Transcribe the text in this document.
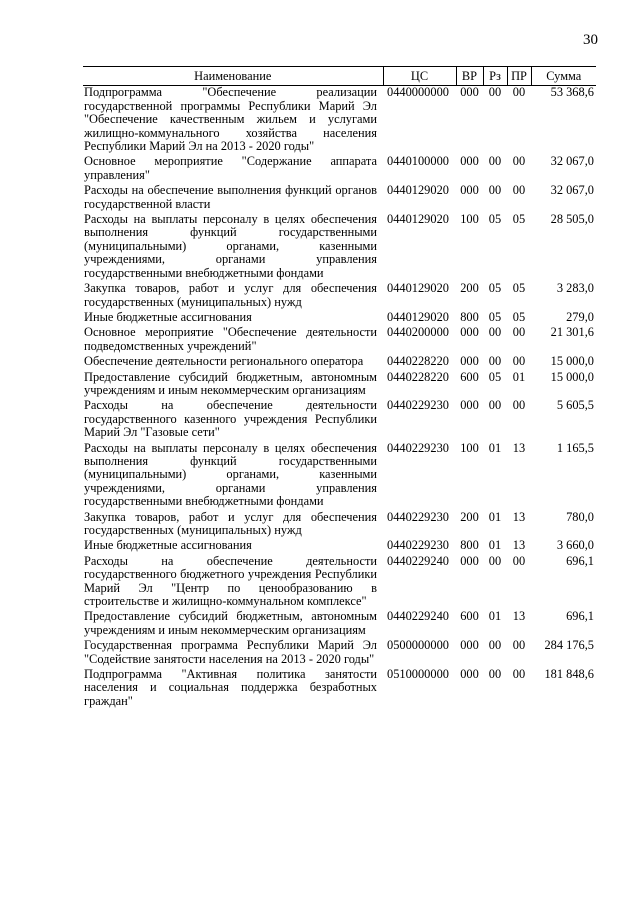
30
Наименование	ЦС	ВР	Рз	ПР	Сумма
Подпрограмма "Обеспечение реализации государственной программы Республики Марий Эл "Обеспечение качественным жильем и услугами жилищно-коммунального хозяйства населения Республики Марий Эл на 2013 - 2020 годы"	0440000000	000	00	00	53 368,6
Основное мероприятие "Содержание аппарата управления"	0440100000	000	00	00	32 067,0
Расходы на обеспечение выполнения функций органов государственной власти	0440129020	000	00	00	32 067,0
Расходы на выплаты персоналу в целях обеспечения выполнения функций государственными (муниципальными) органами, казенными учреждениями, органами управления государственными внебюджетными фондами	0440129020	100	05	05	28 505,0
Закупка товаров, работ и услуг для обеспечения государственных (муниципальных) нужд	0440129020	200	05	05	3 283,0
Иные бюджетные ассигнования	0440129020	800	05	05	279,0
Основное мероприятие "Обеспечение деятельности подведомственных учреждений"	0440200000	000	00	00	21 301,6
Обеспечение деятельности регионального оператора	0440228220	000	00	00	15 000,0
Предоставление субсидий бюджетным, автономным учреждениям и иным некоммерческим организациям	0440228220	600	05	01	15 000,0
Расходы на обеспечение деятельности государственного казенного учреждения Республики Марий Эл "Газовые сети"	0440229230	000	00	00	5 605,5
Расходы на выплаты персоналу в целях обеспечения выполнения функций государственными (муниципальными) органами, казенными учреждениями, органами управления государственными внебюджетными фондами	0440229230	100	01	13	1 165,5
Закупка товаров, работ и услуг для обеспечения государственных (муниципальных) нужд	0440229230	200	01	13	780,0
Иные бюджетные ассигнования	0440229230	800	01	13	3 660,0
Расходы на обеспечение деятельности государственного бюджетного учреждения Республики Марий Эл "Центр по ценообразованию в строительстве и жилищно-коммунальном комплексе"	0440229240	000	00	00	696,1
Предоставление субсидий бюджетным, автономным учреждениям и иным некоммерческим организациям	0440229240	600	01	13	696,1
Государственная программа Республики Марий Эл "Содействие занятости населения на 2013 - 2020 годы"	0500000000	000	00	00	284 176,5
Подпрограмма "Активная политика занятости населения и социальная поддержка безработных граждан"	0510000000	000	00	00	181 848,6
